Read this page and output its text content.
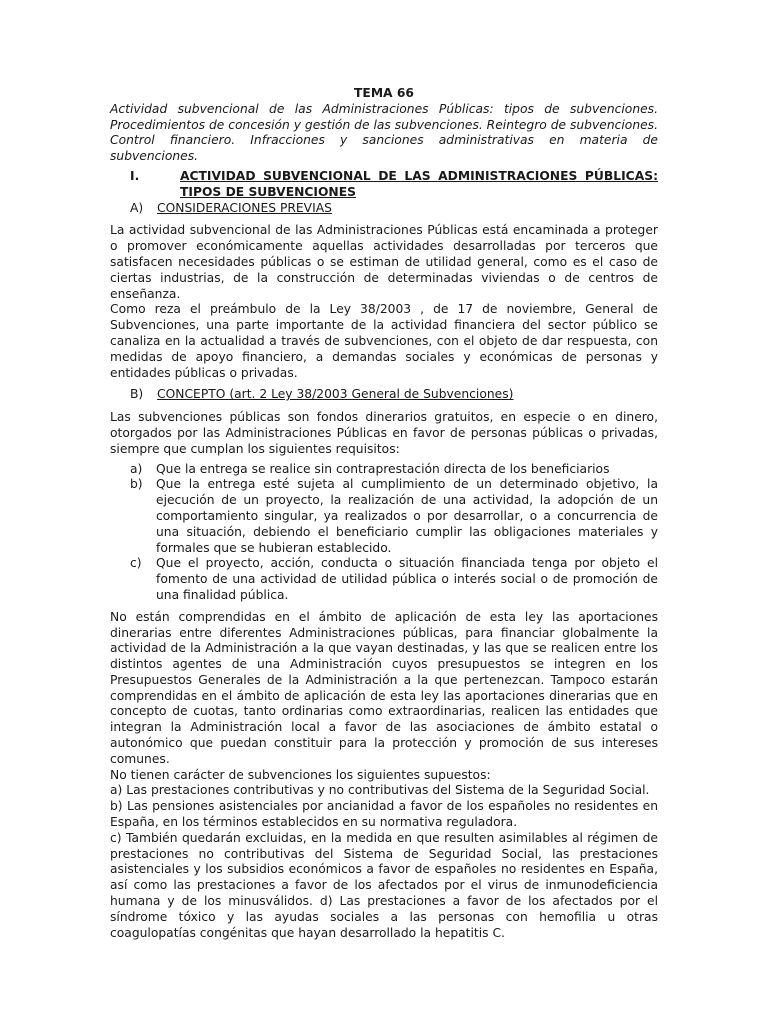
TEMA 66
Actividad subvencional de las Administraciones Públicas: tipos de subvenciones. Procedimientos de concesión y gestión de las subvenciones. Reintegro de subvenciones. Control financiero. Infracciones y sanciones administrativas en materia de subvenciones.
I.	ACTIVIDAD SUBVENCIONAL DE LAS ADMINISTRACIONES PÚBLICAS: TIPOS DE SUBVENCIONES
A)	CONSIDERACIONES PREVIAS

La actividad subvencional de las Administraciones Públicas está encaminada a proteger o promover económicamente aquellas actividades desarrolladas por terceros que satisfacen necesidades públicas o se estiman de utilidad general, como es el caso de ciertas industrias, de la construcción de determinadas viviendas o de centros de enseñanza.

Como reza el preámbulo de la Ley 38/2003 , de 17 de noviembre, General de Subvenciones, una parte importante de la actividad financiera del sector público se canaliza en la actualidad a través de subvenciones, con el objeto de dar respuesta, con medidas de apoyo financiero, a demandas sociales y económicas de personas y entidades públicas o privadas.

B)	CONCEPTO (art. 2 Ley 38/2003 General de Subvenciones)

Las subvenciones públicas son fondos dinerarios gratuitos, en especie o en dinero, otorgados por las Administraciones Públicas en favor de personas públicas o privadas, siempre que cumplan los siguientes requisitos:

a)	Que la entrega se realice sin contraprestación directa de los beneficiarios
b)	Que la entrega esté sujeta al cumplimiento de un determinado objetivo, la ejecución de un proyecto, la realización de una actividad, la adopción de un comportamiento singular, ya realizados o por desarrollar, o a concurrencia de una situación, debiendo el beneficiario cumplir las obligaciones materiales y formales que se hubieran establecido.
c)	Que el proyecto, acción, conducta o situación financiada tenga por objeto el fomento de una actividad de utilidad pública o interés social o de promoción de una finalidad pública.

No están comprendidas en el ámbito de aplicación de esta ley las aportaciones dinerarias entre diferentes Administraciones públicas, para financiar globalmente la actividad de la Administración a la que vayan destinadas, y las que se realicen entre los distintos agentes de una Administración cuyos presupuestos se integren en los Presupuestos Generales de la Administración a la que pertenezcan. Tampoco estarán comprendidas en el ámbito de aplicación de esta ley las aportaciones dinerarias que en concepto de cuotas, tanto ordinarias como extraordinarias, realicen las entidades que integran la Administración local a favor de las asociaciones de ámbito estatal o autonómico que puedan constituir para la protección y promoción de sus intereses comunes.

No tienen carácter de subvenciones los siguientes supuestos:

a) Las prestaciones contributivas y no contributivas del Sistema de la Seguridad Social.

b) Las pensiones asistenciales por ancianidad a favor de los españoles no residentes en España, en los términos establecidos en su normativa reguladora.

c) También quedarán excluidas, en la medida en que resulten asimilables al régimen de prestaciones no contributivas del Sistema de Seguridad Social, las prestaciones asistenciales y los subsidios económicos a favor de españoles no residentes en España, así como las prestaciones a favor de los afectados por el virus de inmunodeficiencia humana y de los minusválidos. d) Las prestaciones a favor de los afectados por el síndrome tóxico y las ayudas sociales a las personas con hemofilia u otras coagulopatías congénitas que hayan desarrollado la hepatitis C.
